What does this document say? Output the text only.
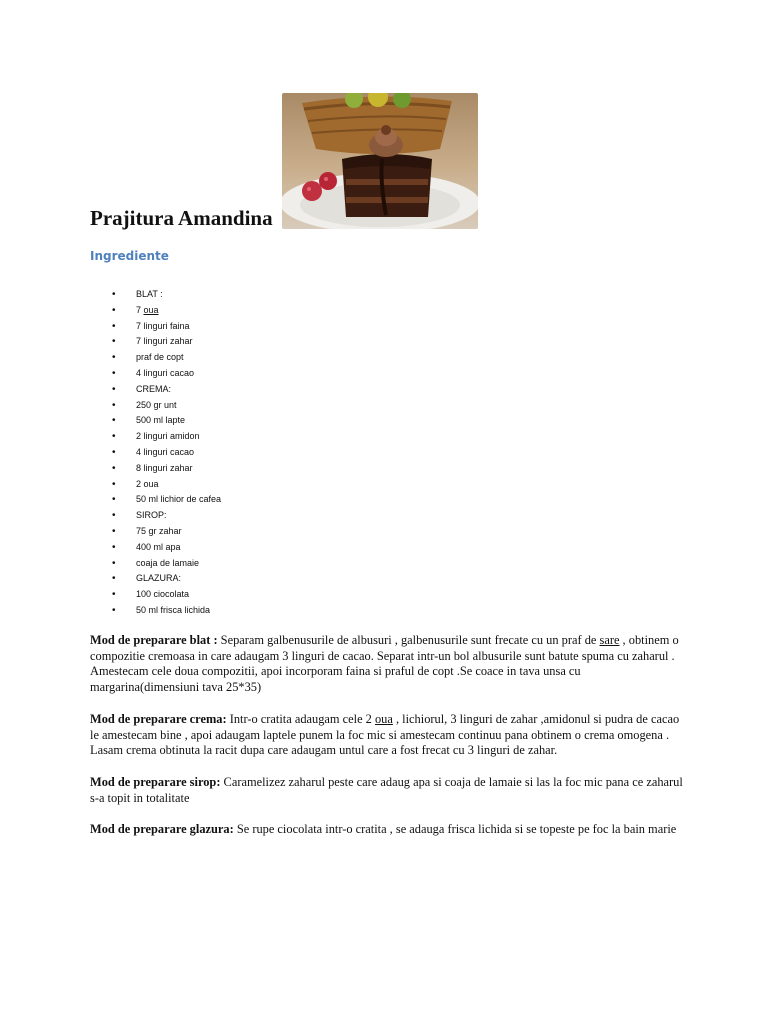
Prajitura Amandina
Ingrediente
• BLAT :
• 7 oua
• 7 linguri faina
• 7 linguri zahar
• praf de copt
• 4 linguri cacao
• CREMA:
• 250 gr unt
• 500 ml lapte
• 2 linguri amidon
• 4 linguri cacao
• 8 linguri zahar
• 2 oua
• 50 ml lichior de cafea
• SIROP:
• 75 gr zahar
• 400 ml apa
• coaja de lamaie
• GLAZURA:
• 100 ciocolata
• 50 ml frisca lichida

Mod de preparare blat : Separam galbenusurile de albusuri , galbenusurile sunt frecate cu un praf de sare , obtinem o compozitie cremoasa in care adaugam 3 linguri de cacao. Separat intr-un bol albusurile sunt batute spuma cu zaharul . Amestecam cele doua compozitii, apoi incorporam faina si praful de copt .Se coace in tava unsa cu margarina(dimensiuni tava 25*35)

Mod de preparare crema: Intr-o cratita adaugam cele 2 oua , lichiorul, 3 linguri de zahar ,amidonul si pudra de cacao le amestecam bine , apoi adaugam laptele punem la foc mic si amestecam continuu pana obtinem o crema omogena . Lasam crema obtinuta la racit dupa care adaugam untul care a fost frecat cu 3 linguri de zahar.

Mod de preparare sirop: Caramelizez zaharul peste care adaug apa si coaja de lamaie si las la foc mic pana ce zaharul s-a topit in totalitate

Mod de preparare glazura: Se rupe ciocolata intr-o cratita , se adauga frisca lichida si se topeste pe foc la bain marie
